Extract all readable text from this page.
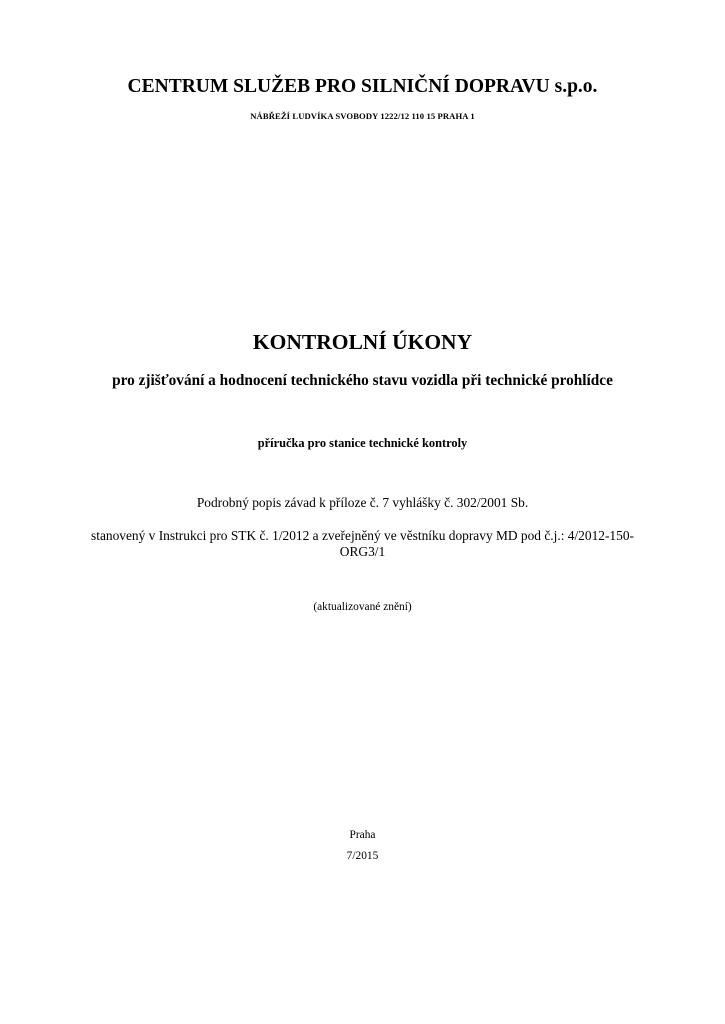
CENTRUM SLUŽEB PRO SILNIČNÍ DOPRAVU s.p.o.
NÁBŘEŽÍ LUDVÍKA SVOBODY 1222/12 110 15 PRAHA 1
KONTROLNÍ ÚKONY
pro zjišťování a hodnocení technického stavu vozidla při technické prohlídce
příručka pro stanice technické kontroly
Podrobný popis závad k příloze č. 7 vyhlášky č. 302/2001 Sb.
stanovený v Instrukci pro STK č. 1/2012 a zveřejněný ve věstníku dopravy MD pod č.j.: 4/2012-150-ORG3/1
(aktualizované znění)
Praha
7/2015
